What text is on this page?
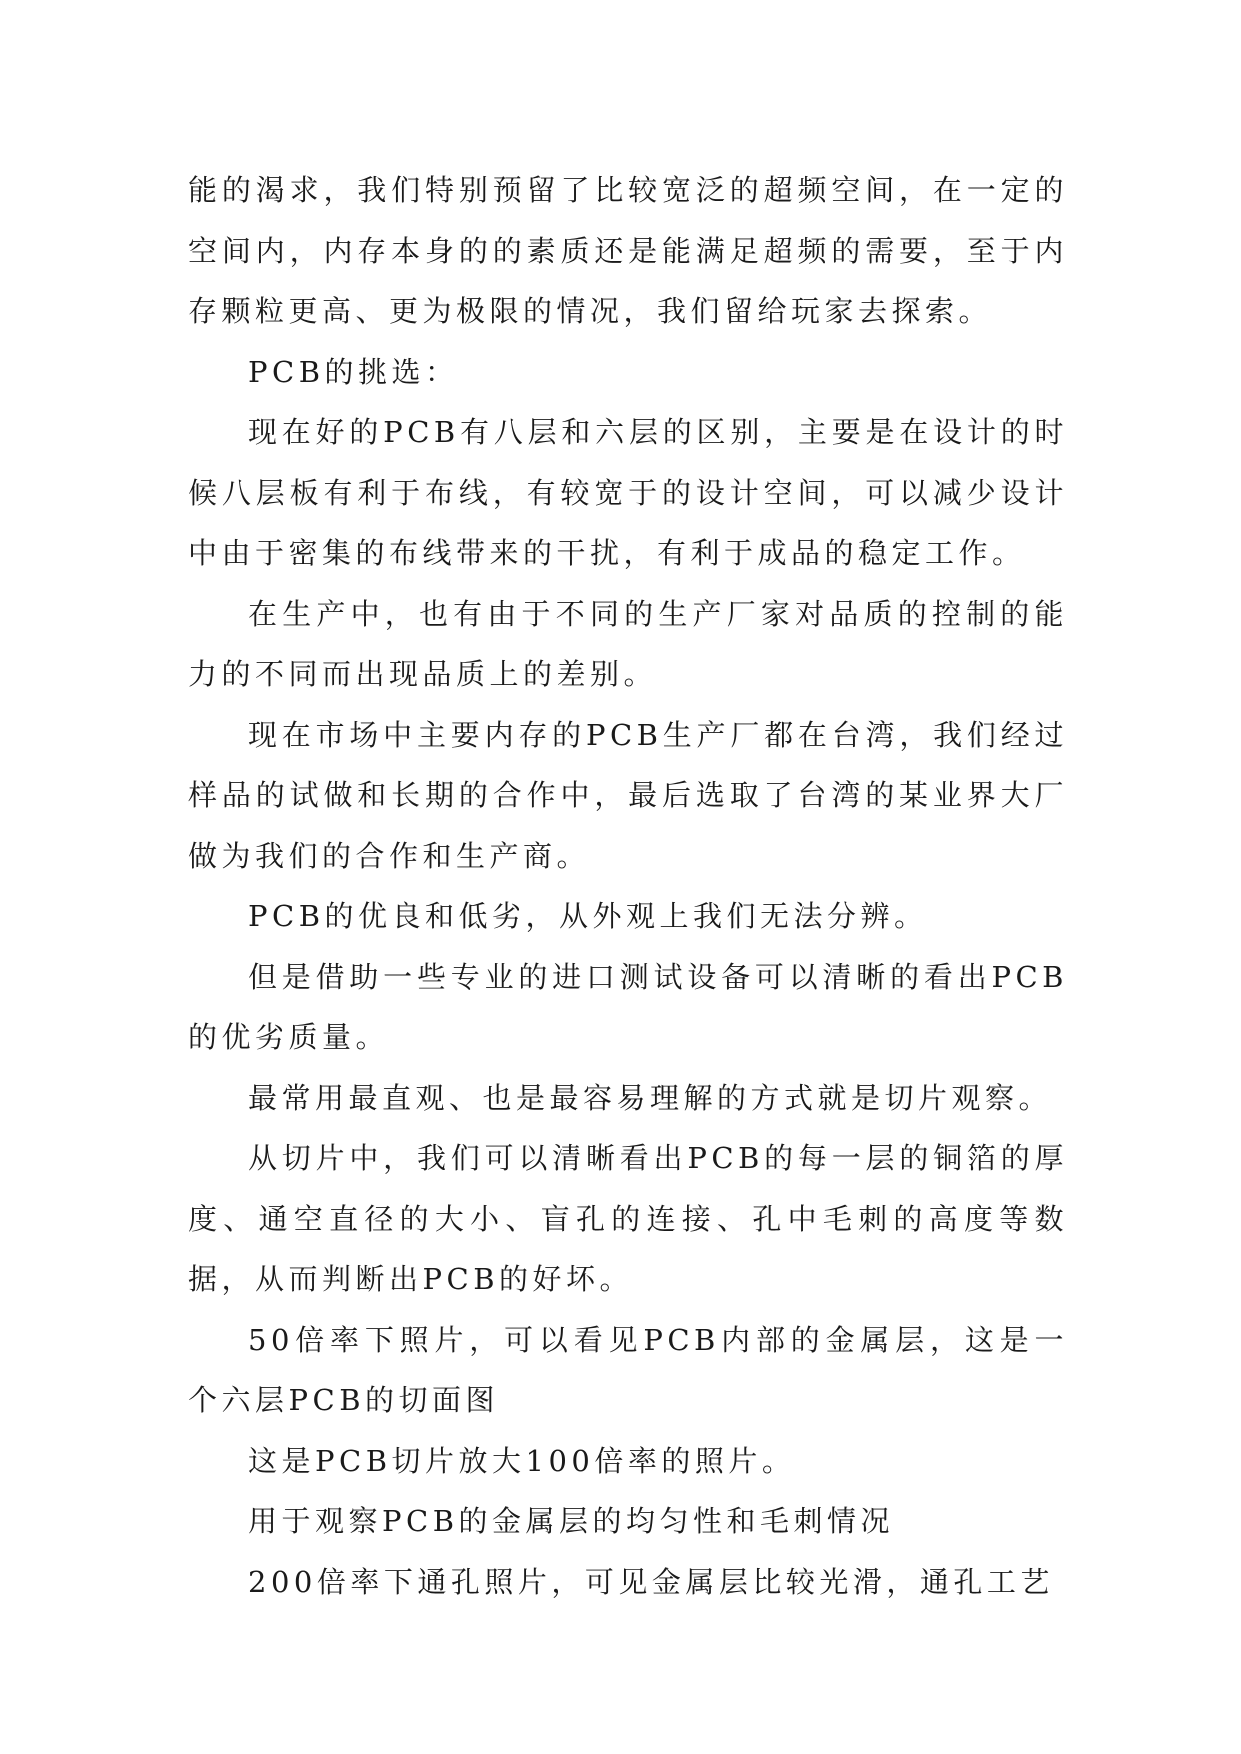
能的渴求，我们特别预留了比较宽泛的超频空间，在一定的空间内，内存本身的的素质还是能满足超频的需要，至于内存颗粒更高、更为极限的情况，我们留给玩家去探索。

PCB的挑选：

现在好的PCB有八层和六层的区别，主要是在设计的时候八层板有利于布线，有较宽于的设计空间，可以减少设计中由于密集的布线带来的干扰，有利于成品的稳定工作。

在生产中，也有由于不同的生产厂家对品质的控制的能力的不同而出现品质上的差别。

现在市场中主要内存的PCB生产厂都在台湾，我们经过样品的试做和长期的合作中，最后选取了台湾的某业界大厂做为我们的合作和生产商。

PCB的优良和低劣，从外观上我们无法分辨。

但是借助一些专业的进口测试设备可以清晰的看出PCB的优劣质量。

最常用最直观、也是最容易理解的方式就是切片观察。

从切片中，我们可以清晰看出PCB的每一层的铜箔的厚度、通空直径的大小、盲孔的连接、孔中毛刺的高度等数据，从而判断出PCB的好坏。

50倍率下照片，可以看见PCB内部的金属层，这是一个六层PCB的切面图

这是PCB切片放大100倍率的照片。

用于观察PCB的金属层的均匀性和毛刺情况

200倍率下通孔照片，可见金属层比较光滑，通孔工艺
